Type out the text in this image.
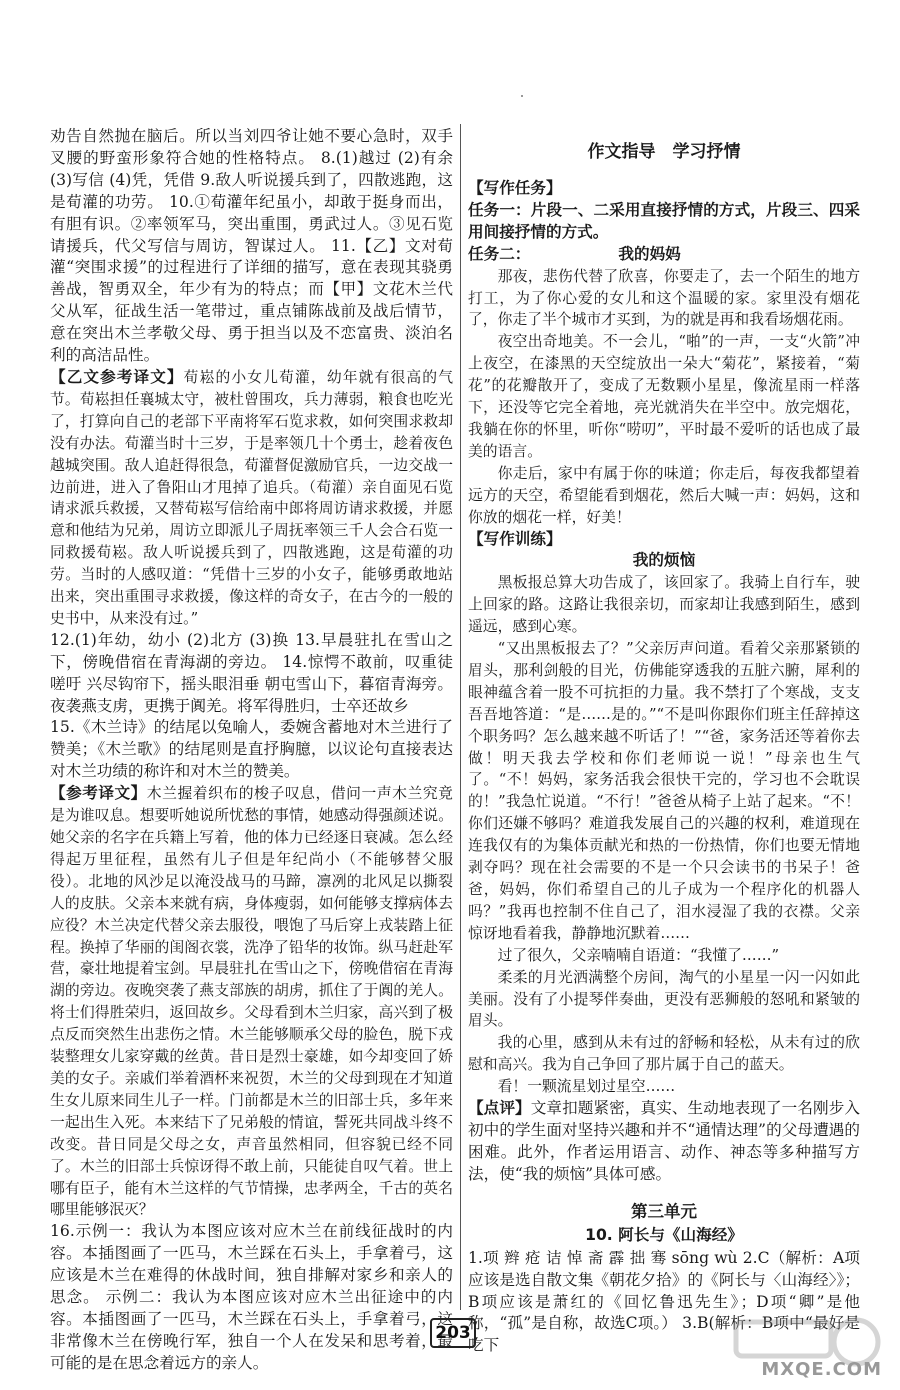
劝告自然抛在脑后。所以当刘四爷让她不要心急时，双手叉腰的野蛮形象符合她的性格特点。 8.(1)越过 (2)有余 (3)写信 (4)凭，凭借 9.敌人听说援兵到了，四散逃跑，这是荀灌的功劳。 10.①荀灌年纪虽小，却敢于挺身而出，有胆有识。②率领军马，突出重围，勇武过人。③见石览请援兵，代父写信与周访，智谋过人。 11.【乙】文对荀灌“突围求援”的过程进行了详细的描写，意在表现其骁勇善战，智勇双全，年少有为的特点；而【甲】文花木兰代父从军，征战生活一笔带过，重点铺陈战前及战后情节，意在突出木兰孝敬父母、勇于担当以及不恋富贵、淡泊名利的高洁品性。

【乙文参考译文】荀崧的小女儿荀灌，幼年就有很高的气节。荀崧担任襄城太守，被杜曾围攻，兵力薄弱，粮食也吃光了，打算向自己的老部下平南将军石览求救，如何突围求救却没有办法。荀灌当时十三岁，于是率领几十个勇士，趁着夜色越城突围。敌人追赶得很急，荀灌督促激励官兵，一边交战一边前进，进入了鲁阳山才甩掉了追兵。（荀灌）亲自面见石览请求派兵救援，又替荀崧写信给南中郎将周访请求救援，并愿意和他结为兄弟，周访立即派儿子周抚率领三千人会合石览一同救援荀崧。敌人听说援兵到了，四散逃跑，这是荀灌的功劳。当时的人感叹道：“凭借十三岁的小女子，能够勇敢地站出来，突出重围寻求救援，像这样的奇女子，在古今的一般的史书中，从来没有过。”

12.(1)年幼，幼小 (2)北方 (3)换 13.早晨驻扎在雪山之下，傍晚借宿在青海湖的旁边。 14.惊愕不敢前，叹重徒嗟吁 兴尽钩帘下，摇头眼泪垂 朝屯雪山下，暮宿青海旁。夜袭燕支虏，更携于阗羌。将军得胜归，士卒还故乡

15.《木兰诗》的结尾以兔喻人，委婉含蓄地对木兰进行了赞美；《木兰歌》的结尾则是直抒胸臆，以议论句直接表达对木兰功绩的称许和对木兰的赞美。

【参考译文】木兰握着织布的梭子叹息，借问一声木兰究竟是为谁叹息。想要听她说所忧愁的事情，她感动得强颜述说。她父亲的名字在兵籍上写着，他的体力已经逐日衰减。怎么经得起万里征程，虽然有儿子但是年纪尚小（不能够替父服役）。北地的风沙足以淹没战马的马蹄，凛冽的北风足以撕裂人的皮肤。父亲本来就有病，身体瘦弱，如何能够支撑病体去应役？木兰决定代替父亲去服役，喂饱了马后穿上戎装踏上征程。换掉了华丽的闺阁衣裳，洗净了铅华的妆饰。纵马赶赴军营，豪壮地提着宝剑。早晨驻扎在雪山之下，傍晚借宿在青海湖的旁边。夜晚突袭了燕支部族的胡虏，抓住了于阗的羌人。将士们得胜荣归，返回故乡。父母看到木兰归家，高兴到了极点反而突然生出悲伤之情。木兰能够顺承父母的脸色，脱下戎装整理女儿家穿戴的丝黄。昔日是烈士豪雄，如今却变回了娇美的女子。亲戚们举着酒杯来祝贺，木兰的父母到现在才知道生女儿原来同生儿子一样。门前都是木兰的旧部士兵，多年来一起出生入死。本来结下了兄弟般的情谊，誓死共同战斗终不改变。昔日同是父母之女，声音虽然相同，但容貌已经不同了。木兰的旧部士兵惊讶得不敢上前，只能徒自叹气着。世上哪有臣子，能有木兰这样的气节情操，忠孝两全，千古的英名哪里能够泯灭？

16.示例一：我认为本图应该对应木兰在前线征战时的内容。本插图画了一匹马，木兰踩在石头上，手拿着弓，这应该是木兰在难得的休战时间，独自排解对家乡和亲人的思念。 示例二：我认为本图应该对应木兰出征途中的内容。本插图画了一匹马，木兰踩在石头上，手拿着弓，这非常像木兰在傍晚行军，独自一个人在发呆和思考着，最可能的是在思念着远方的亲人。

作文指导　学习抒情

【写作任务】

任务一：片段一、二采用直接抒情的方式，片段三、四采用间接抒情的方式。

任务二：	我的妈妈

那夜，悲伤代替了欣喜，你要走了，去一个陌生的地方打工，为了你心爱的女儿和这个温暖的家。家里没有烟花了，你走了半个城市才买到，为的就是再和我看场烟花雨。

夜空出奇地美。不一会儿，“啪”的一声，一支“火箭”冲上夜空，在漆黑的天空绽放出一朵大“菊花”，紧接着，“菊花”的花瓣散开了，变成了无数颗小星星，像流星雨一样落下，还没等它完全着地，亮光就消失在半空中。放完烟花，我躺在你的怀里，听你“唠叨”，平时最不爱听的话也成了最美的语言。

你走后，家中有属于你的味道；你走后，每夜我都望着远方的天空，希望能看到烟花，然后大喊一声：妈妈，这和你放的烟花一样，好美！

【写作训练】

我的烦恼

黑板报总算大功告成了，该回家了。我骑上自行车，驶上回家的路。这路让我很亲切，而家却让我感到陌生，感到遥远，感到心寒。

“又出黑板报去了？”父亲厉声问道。看着父亲那紧锁的眉头，那利剑般的目光，仿佛能穿透我的五脏六腑，犀利的眼神蕴含着一股不可抗拒的力量。我不禁打了个寒战，支支吾吾地答道：“是……是的。”“不是叫你跟你们班主任辞掉这个职务吗？怎么越来越不听话了！”“爸，家务活还等着你去做！明天我去学校和你们老师说一说！”母亲也生气了。“不！妈妈，家务活我会很快干完的，学习也不会耽误的！”我急忙说道。“不行！”爸爸从椅子上站了起来。“不！你们还嫌不够吗？难道我发展自己的兴趣的权利，难道现在连我仅有的为集体贡献光和热的一份热情，你们也要无情地剥夺吗？现在社会需要的不是一个只会读书的书呆子！爸爸，妈妈，你们希望自己的儿子成为一个程序化的机器人吗？”我再也控制不住自己了，泪水浸湿了我的衣襟。父亲惊讶地看着我，静静地沉默着……

过了很久，父亲喃喃自语道：“我懂了……”

柔柔的月光洒满整个房间，淘气的小星星一闪一闪如此美丽。没有了小提琴伴奏曲，更没有恶狮般的怒吼和紧皱的眉头。

我的心里，感到从未有过的舒畅和轻松，从未有过的欣慰和高兴。我为自己争回了那片属于自己的蓝天。

看！一颗流星划过星空……

【点评】文章扣题紧密，真实、生动地表现了一名刚步入初中的学生面对坚持兴趣和并不“通情达理”的父母遭遇的困难。此外，作者运用语言、动作、神态等多种描写方法，使“我的烦恼”具体可感。

第三单元
10. 阿长与《山海经》

1.项 辫 疮 诘 悼 斋 霹 拙 骞 sōng wù 2.C（解析：A项应该是选自散文集《朝花夕拾》的《阿长与〈山海经〉》；B项应该是萧红的《回忆鲁迅先生》；D项“卿”是他称，“孤”是自称，故选C项。） 3.B(解析：B项中“最好是吃下

203
MXQE.COM
